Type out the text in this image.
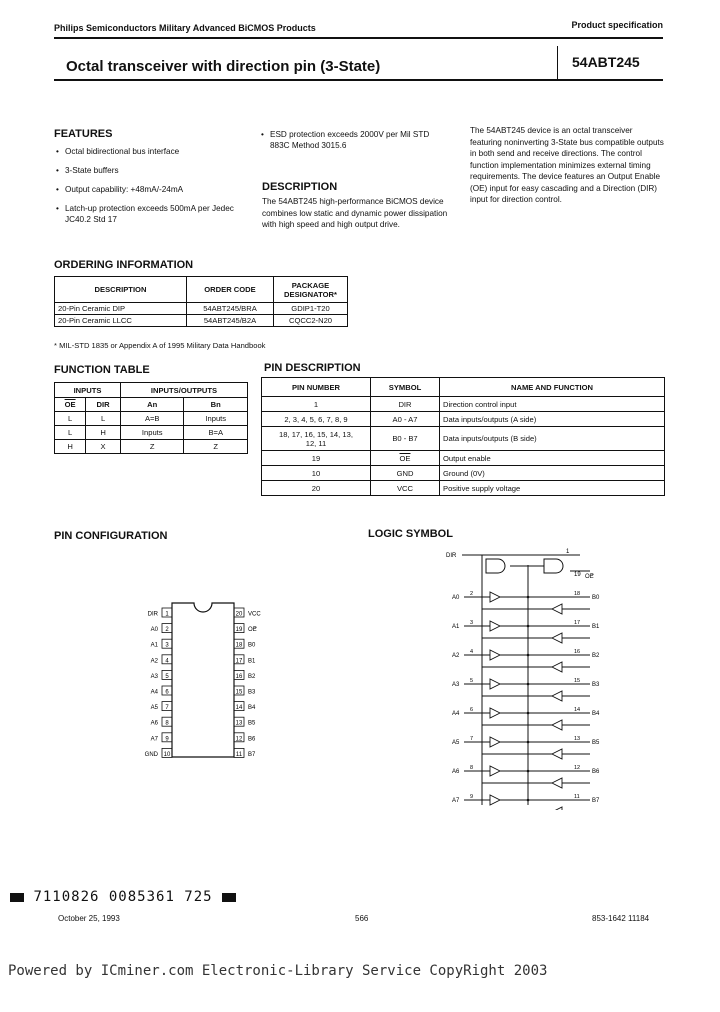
Philips Semiconductors Military Advanced BiCMOS Products	Product specification
Octal transceiver with direction pin (3-State)	54ABT245
FEATURES
• Octal bidirectional bus interface
• 3-State buffers
• Output capability: +48mA/-24mA
• Latch-up protection exceeds 500mA per Jedec JC40.2 Std 17
• ESD protection exceeds 2000V per Mil STD 883C Method 3015.6
DESCRIPTION
The 54ABT245 high-performance BiCMOS device combines low static and dynamic power dissipation with high speed and high output drive.
The 54ABT245 device is an octal transceiver featuring noninverting 3-State bus compatible outputs in both send and receive directions. The control function implementation minimizes external timing requirements. The device features an Output Enable (OE) input for easy cascading and a Direction (DIR) input for direction control.
ORDERING INFORMATION
DESCRIPTION	ORDER CODE	PACKAGE DESIGNATOR*
20-Pin Ceramic DIP	54ABT245/BRA	GDIP1-T20
20-Pin Ceramic LLCC	54ABT245/B2A	CQCC2-N20
* MIL-STD 1835 or Appendix A of 1995 Military Data Handbook
FUNCTION TABLE
INPUTS		INPUTS/OUTPUTS	
$\overline{OE}$	DIR	An	Bn
L	L	A=B	Inputs
L	H	Inputs	B=A
H	X	Z	Z
PIN DESCRIPTION
PIN NUMBER	SYMBOL	NAME AND FUNCTION
1	DIR	Direction control input
2, 3, 4, 5, 6, 7, 8, 9	A0 - A7	Data inputs/outputs (A side)
18, 17, 16, 15, 14, 13, 12, 11	B0 - B7	Data inputs/outputs (B side)
19	$\overline{OE}$	Output enable
10	GND	Ground (0V)
20	VCC	Positive supply voltage
PIN CONFIGURATION
1
DIR
2
A0
3
A1
4
A2
5
A3
6
A4
7
A5
8
A6
9
A7
10
GND
20 VCC
19 OE
18 B0
17 B1
16 B2
15 B3
14 B4
13 B5
12 B6
11 B7
LOGIC SYMBOL
DIR
1
19 OE
A0
2	18
B0
A1
3	17
B1
A2
4	16
B2
A3
5	15
B3
A4
6	14
B4
A5
7	13
B5
A6
8	12
B6
A7
9	11
B7
7110826 0085361 725
October 25, 1993	566	853-1642 11184
Powered by ICminer.com Electronic-Library Service CopyRight 2003
